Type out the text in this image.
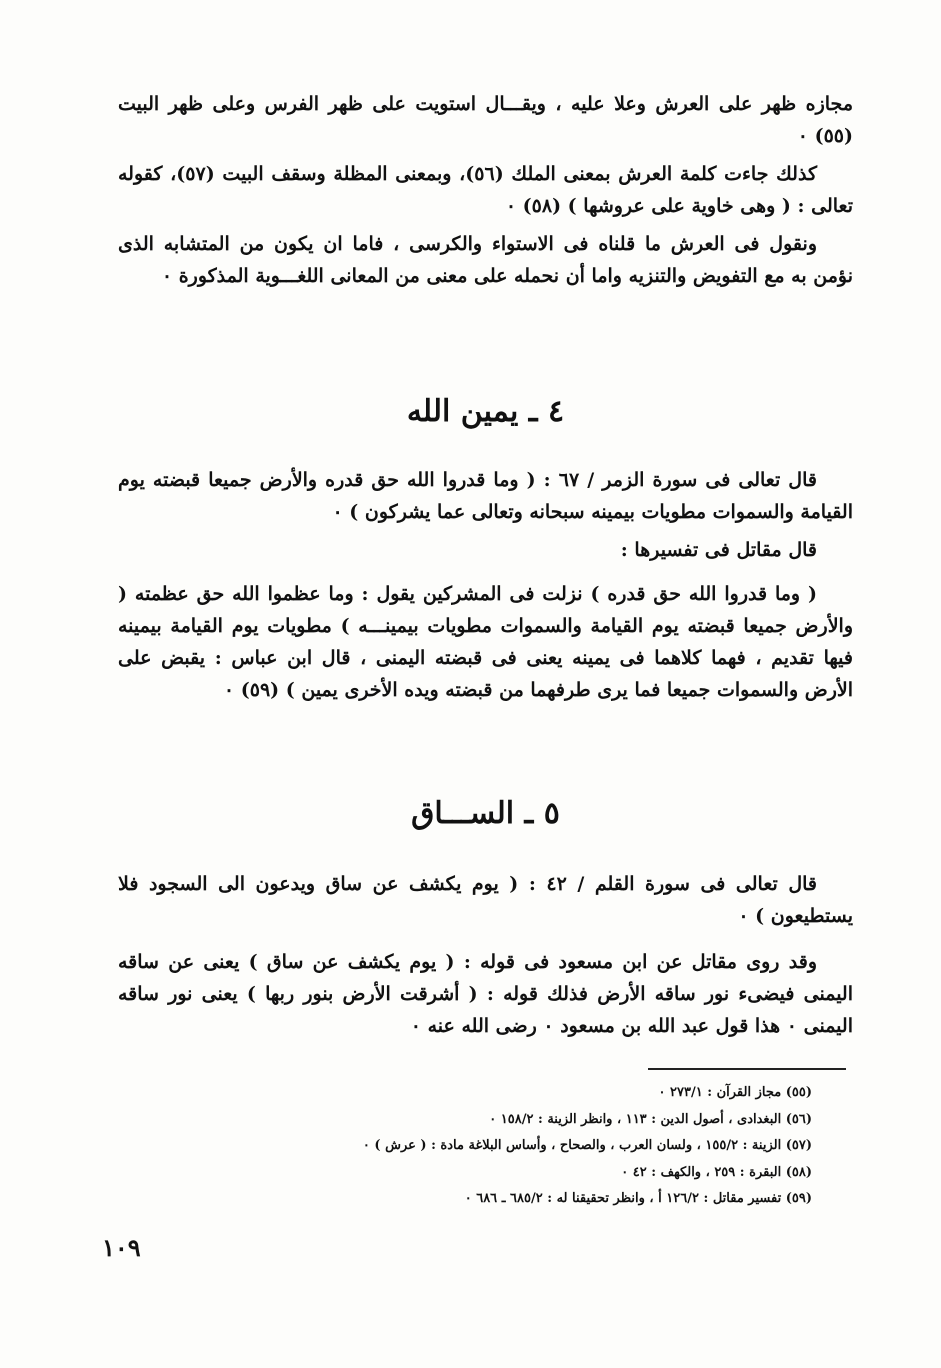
مجازه ظهر على العرش وعلا عليه ، ويقـــال استويت على ظهر الفرس وعلى ظهر البيت (٥٥) ٠

كذلك جاءت كلمة العرش بمعنى الملك (٥٦)، وبمعنى المظلة وسقف البيت (٥٧)، كقوله تعالى : ( وهى خاوية على عروشها ) (٥٨) ٠

ونقول فى العرش ما قلناه فى الاستواء والكرسى ، فاما ان يكون من المتشابه الذى نؤمن به مع التفويض والتنزيه واما أن نحمله على معنى من المعانى اللغـــوية المذكورة ٠

٤ ـ يمين الله

قال تعالى فى سورة الزمر / ٦٧ : ( وما قدروا الله حق قدره والأرض جميعا قبضته يوم القيامة والسموات مطويات بيمينه سبحانه وتعالى عما يشركون ) ٠

قال مقاتل فى تفسيرها :

( وما قدروا الله حق قدره ) نزلت فى المشركين يقول : وما عظموا الله حق عظمته ( والأرض جميعا قبضته يوم القيامة والسموات مطويات بيمينـــه ) مطويات يوم القيامة بيمينه فيها تقديم ، فهما كلاهما فى يمينه يعنى فى قبضته اليمنى ، قال ابن عباس : يقبض على الأرض والسموات جميعا فما يرى طرفهما من قبضته ويده الأخرى يمين ) (٥٩) ٠

٥ ـ الســـاق

قال تعالى فى سورة القلم / ٤٢ : ( يوم يكشف عن ساق ويدعون الى السجود فلا يستطيعون ) ٠

وقد روى مقاتل عن ابن مسعود فى قوله : ( يوم يكشف عن ساق ) يعنى عن ساقه اليمنى فيضىء نور ساقه الأرض فذلك قوله : ( أشرقت الأرض بنور ربها ) يعنى نور ساقه اليمنى ٠ هذا قول عبد الله بن مسعود ٠ رضى الله عنه ٠

(٥٥) مجاز القرآن : ٢٧٣/١ ٠

(٥٦) البغدادى ، أصول الدين : ١١٣ ، وانظر الزينة : ١٥٨/٢ ٠

(٥٧) الزينة : ١٥٥/٢ ، ولسان العرب ، والصحاح ، وأساس البلاغة مادة : ( عرش ) ٠

(٥٨) البقرة : ٢٥٩ ، والكهف : ٤٢ ٠

(٥٩) تفسير مقاتل : ١٢٦/٢ أ ، وانظر تحقيقنا له : ٦٨٥/٢ ـ ٦٨٦ ٠

١٠٩
